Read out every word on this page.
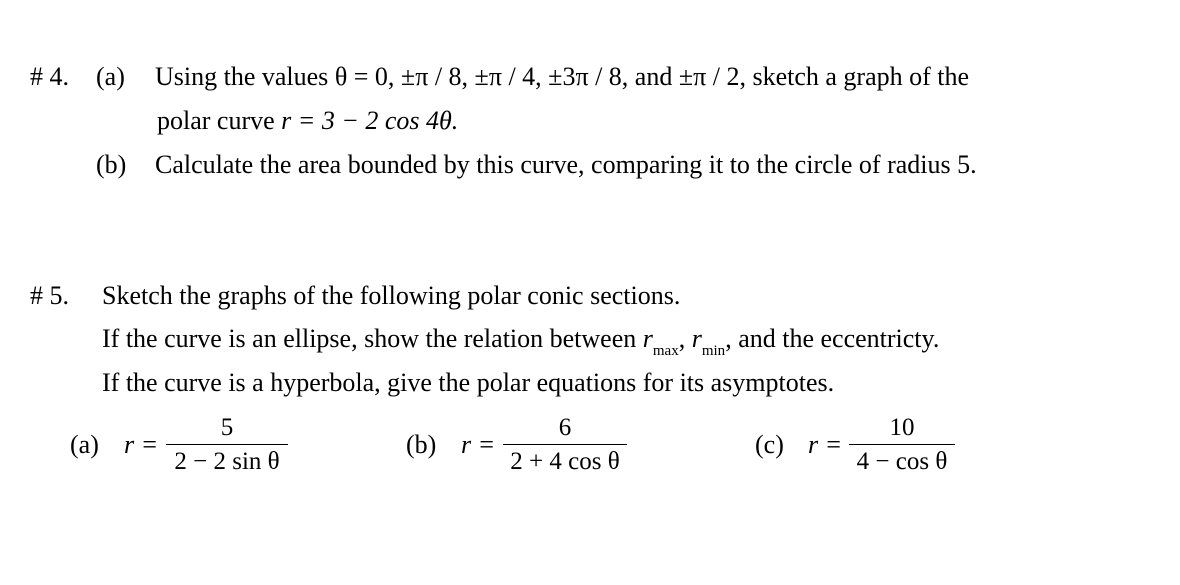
# 4. (a) Using the values θ = 0, ±π / 8, ±π / 4, ±3π / 8, and ±π / 2, sketch a graph of the
polar curve r = 3 − 2 cos 4θ.
(b) Calculate the area bounded by this curve, comparing it to the circle of radius 5.
# 5. Sketch the graphs of the following polar conic sections.
If the curve is an ellipse, show the relation between $r_{max}$, $r_{min}$, and the eccentricty.
If the curve is a hyperbola, give the polar equations for its asymptotes.
(a) r =
5
2 − 2 sin θ
(b) r =
6
2 + 4 cos θ
(c) r =
10
4 − cos θ
